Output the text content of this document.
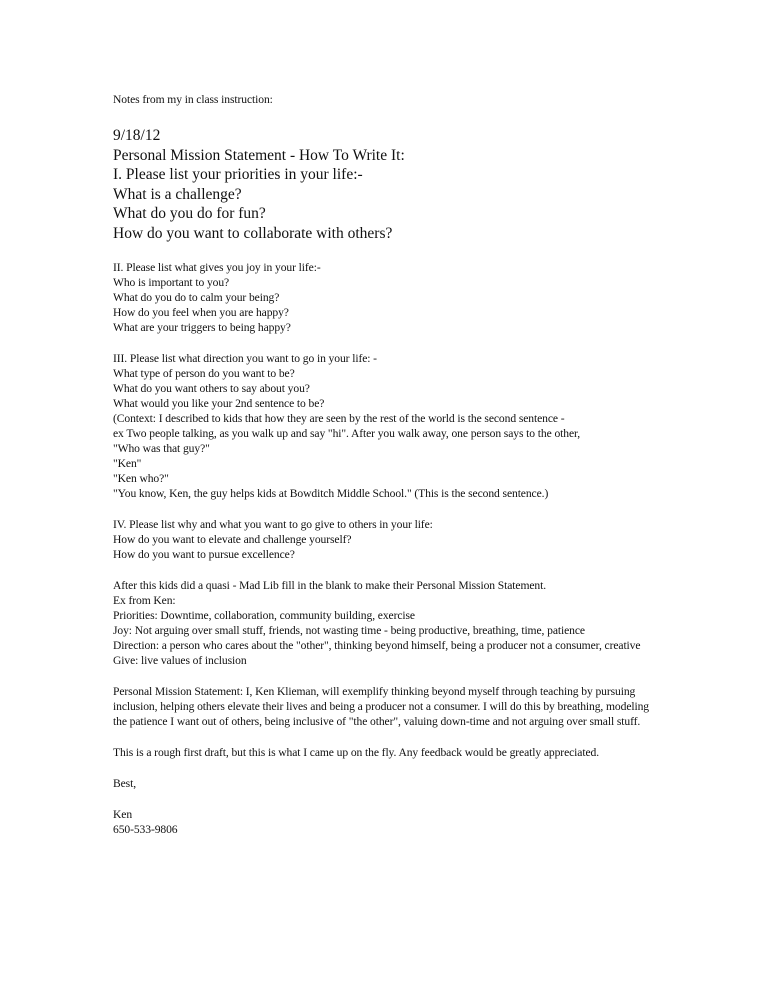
Notes from my in class instruction:

9/18/12
Personal Mission Statement - How To Write It:
I. Please list your priorities in your life:-
What is a challenge?
What do you do for fun?
How do you want to collaborate with others?
II. Please list what gives you joy in your life:-
Who is important to you?
What do you do to calm your being?
How do you feel when you are happy?
What are your triggers to being happy?
III. Please list what direction you want to go in your life: -
What type of person do you want to be?
What do you want others to say about you?
What would you like your 2nd sentence to be?
(Context: I described to kids that how they are seen by the rest of the world is the second sentence -
ex Two people talking, as you walk up and say "hi". After you walk away, one person says to the other,
"Who was that guy?"
"Ken"
"Ken who?"
"You know, Ken, the guy helps kids at Bowditch Middle School." (This is the second sentence.)
IV. Please list why and what you want to go give to others in your life:
How do you want to elevate and challenge yourself?
How do you want to pursue excellence?
After this kids did a quasi - Mad Lib fill in the blank to make their Personal Mission Statement.
Ex from Ken:
Priorities: Downtime, collaboration, community building, exercise
Joy: Not arguing over small stuff, friends, not wasting time - being productive, breathing, time, patience
Direction: a person who cares about the "other", thinking beyond himself, being a producer not a consumer, creative
Give: live values of inclusion

Personal Mission Statement: I, Ken Klieman, will exemplify thinking beyond myself through teaching by pursuing inclusion, helping others elevate their lives and being a producer not a consumer. I will do this by breathing, modeling the patience I want out of others, being inclusive of "the other", valuing down-time and not arguing over small stuff.

This is a rough first draft, but this is what I came up on the fly. Any feedback would be greatly appreciated.

Best,

Ken
650-533-9806
